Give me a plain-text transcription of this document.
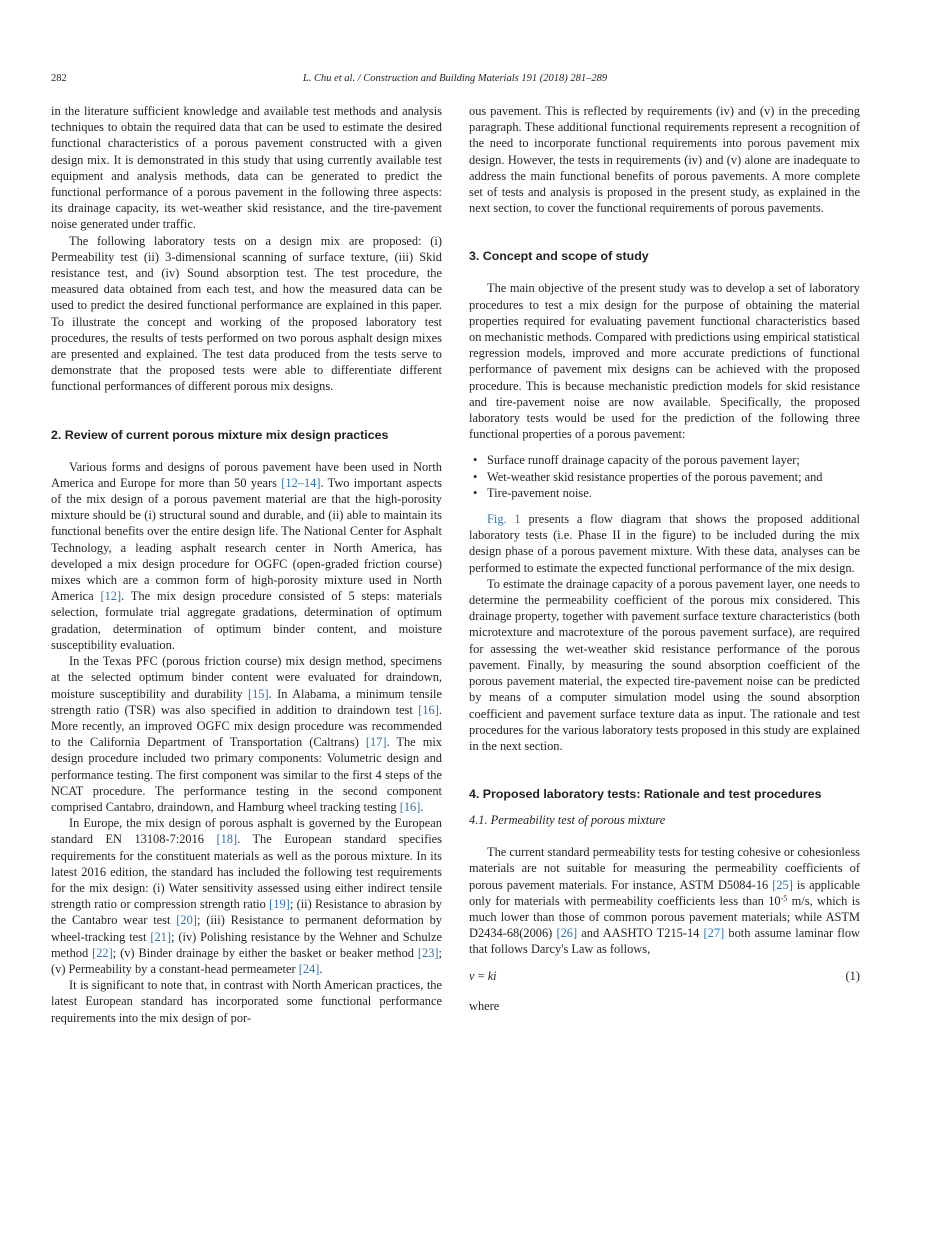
282	L. Chu et al. / Construction and Building Materials 191 (2018) 281–289

in the literature sufficient knowledge and available test methods and analysis techniques to obtain the required data that can be used to estimate the desired functional characteristics of a porous pavement constructed with a given design mix. It is demonstrated in this study that using currently available test equipment and analysis methods, data can be generated to predict the functional performance of a porous pavement in the following three aspects: its drainage capacity, its wet-weather skid resistance, and the tire-pavement noise generated under traffic.

The following laboratory tests on a design mix are proposed: (i) Permeability test (ii) 3-dimensional scanning of surface texture, (iii) Skid resistance test, and (iv) Sound absorption test. The test procedure, the measured data obtained from each test, and how the measured data can be used to predict the desired functional performance are explained in this paper. To illustrate the concept and working of the proposed laboratory test procedures, the results of tests performed on two porous asphalt design mixes are presented and explained. The test data produced from the tests serve to demonstrate that the proposed tests were able to differentiate different functional performances of different porous mix designs.

2. Review of current porous mixture mix design practices

Various forms and designs of porous pavement have been used in North America and Europe for more than 50 years [12–14]. Two important aspects of the mix design of a porous pavement material are that the high-porosity mixture should be (i) structural sound and durable, and (ii) able to maintain its functional benefits over the entire design life. The National Center for Asphalt Technology, a leading asphalt research center in North America, has developed a mix design procedure for OGFC (open-graded friction course) mixes which are a common form of high-porosity mixture used in North America [12]. The mix design procedure consisted of 5 steps: materials selection, formulate trial aggregate gradations, determination of optimum gradation, determination of optimum binder content, and moisture susceptibility evaluation.

In the Texas PFC (porous friction course) mix design method, specimens at the selected optimum binder content were evaluated for draindown, moisture susceptibility and durability [15]. In Alabama, a minimum tensile strength ratio (TSR) was also specified in addition to draindown test [16]. More recently, an improved OGFC mix design procedure was recommended to the California Department of Transportation (Caltrans) [17]. The mix design procedure included two primary components: Volumetric design and performance testing. The first component was similar to the first 4 steps of the NCAT procedure. The performance testing in the second component comprised Cantabro, draindown, and Hamburg wheel tracking testing [16].

In Europe, the mix design of porous asphalt is governed by the European standard EN 13108-7:2016 [18]. The European standard specifies requirements for the constituent materials as well as the porous mixture. In its latest 2016 edition, the standard has included the following test requirements for the mix design: (i) Water sensitivity assessed using either indirect tensile strength ratio or compression strength ratio [19]; (ii) Resistance to abrasion by the Cantabro wear test [20]; (iii) Resistance to permanent deformation by wheel-tracking test [21]; (iv) Polishing resistance by the Wehner and Schulze method [22]; (v) Binder drainage by either the basket or beaker method [23]; (v) Permeability by a constant-head permeameter [24].

It is significant to note that, in contrast with North American practices, the latest European standard has incorporated some functional performance requirements into the mix design of por-

ous pavement. This is reflected by requirements (iv) and (v) in the preceding paragraph. These additional functional requirements represent a recognition of the need to incorporate functional requirements into porous pavement mix design. However, the tests in requirements (iv) and (v) alone are inadequate to address the main functional benefits of porous pavements. A more complete set of tests and analysis is proposed in the present study, as explained in the next section, to cover the functional requirements of porous pavements.

3. Concept and scope of study

The main objective of the present study was to develop a set of laboratory procedures to test a mix design for the purpose of obtaining the material properties required for evaluating pavement functional characteristics based on mechanistic methods. Compared with predictions using empirical statistical regression models, improved and more accurate predictions of functional performance of pavement mix designs can be achieved with the proposed procedure. This is because mechanistic prediction models for skid resistance and tire-pavement noise are now available. Specifically, the proposed laboratory tests would be used for the prediction of the following three functional properties of a porous pavement:

• Surface runoff drainage capacity of the porous pavement layer;
• Wet-weather skid resistance properties of the porous pavement; and
• Tire-pavement noise.

Fig. 1 presents a flow diagram that shows the proposed additional laboratory tests (i.e. Phase II in the figure) to be included during the mix design phase of a porous pavement mixture. With these data, analyses can be performed to estimate the expected functional performance of the mix design.

To estimate the drainage capacity of a porous pavement layer, one needs to determine the permeability coefficient of the porous mix considered. This drainage property, together with pavement surface texture characteristics (both microtexture and macrotexture of the porous pavement surface), are required for assessing the wet-weather skid resistance performance of the porous pavement. Finally, by measuring the sound absorption coefficient of the porous pavement material, the expected tire-pavement noise can be predicted by means of a computer simulation model using the sound absorption coefficient and pavement surface texture data as input. The rationale and test procedures for the various laboratory tests proposed in this study are explained in the next section.

4. Proposed laboratory tests: Rationale and test procedures
4.1. Permeability test of porous mixture

The current standard permeability tests for testing cohesive or cohesionless materials are not suitable for measuring the permeability coefficients of porous pavement materials. For instance, ASTM D5084-16 [25] is applicable only for materials with permeability coefficients less than $10^{-5}$ m/s, which is much lower than those of common porous pavement materials; while ASTM D2434-68(2006) [26] and AASHTO T215-14 [27] both assume laminar flow that follows Darcy's Law as follows,

v = ki	(1)

where
